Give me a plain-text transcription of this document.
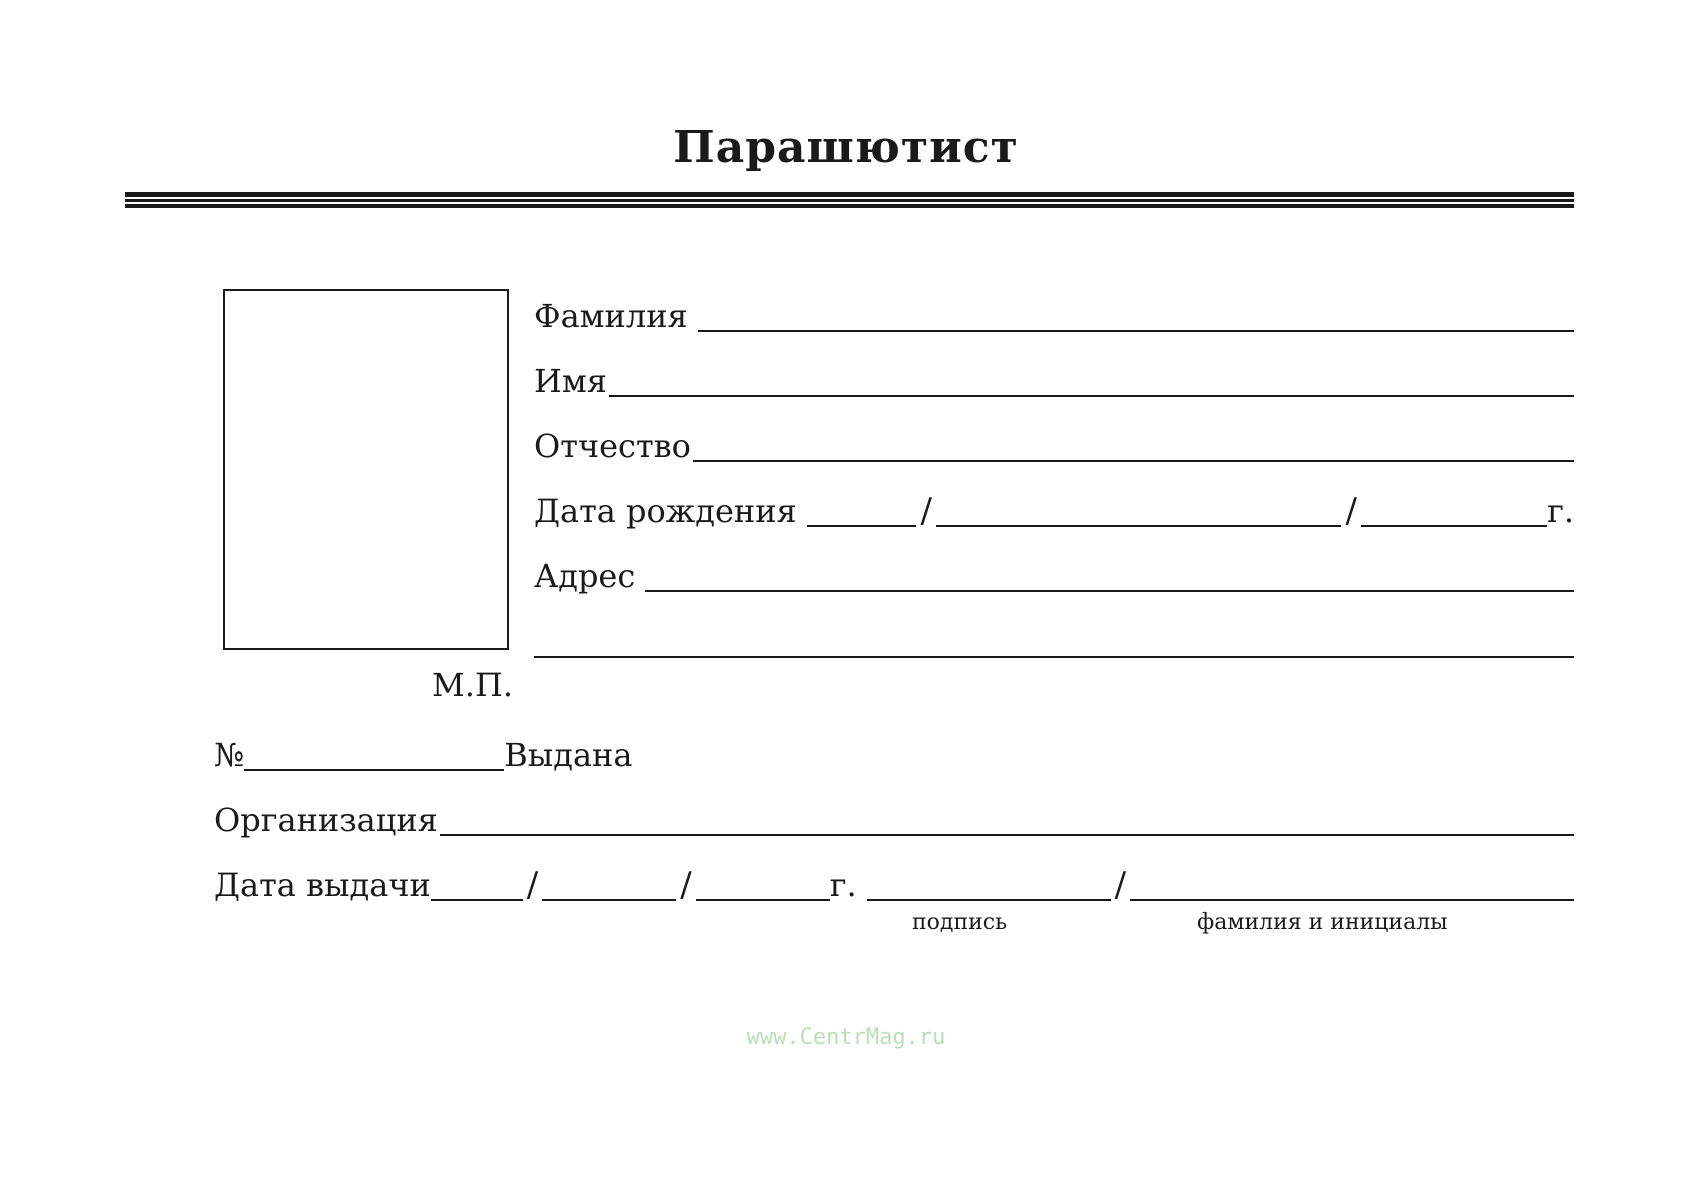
Парашютист
М.П.
Фамилия
Имя
Отчество
Дата рождения	/	/	г.
Адрес
№	Выдана
Организация
Дата выдачи	/	/	г.	/
подпись	фамилия и инициалы
www.CentrMag.ru
